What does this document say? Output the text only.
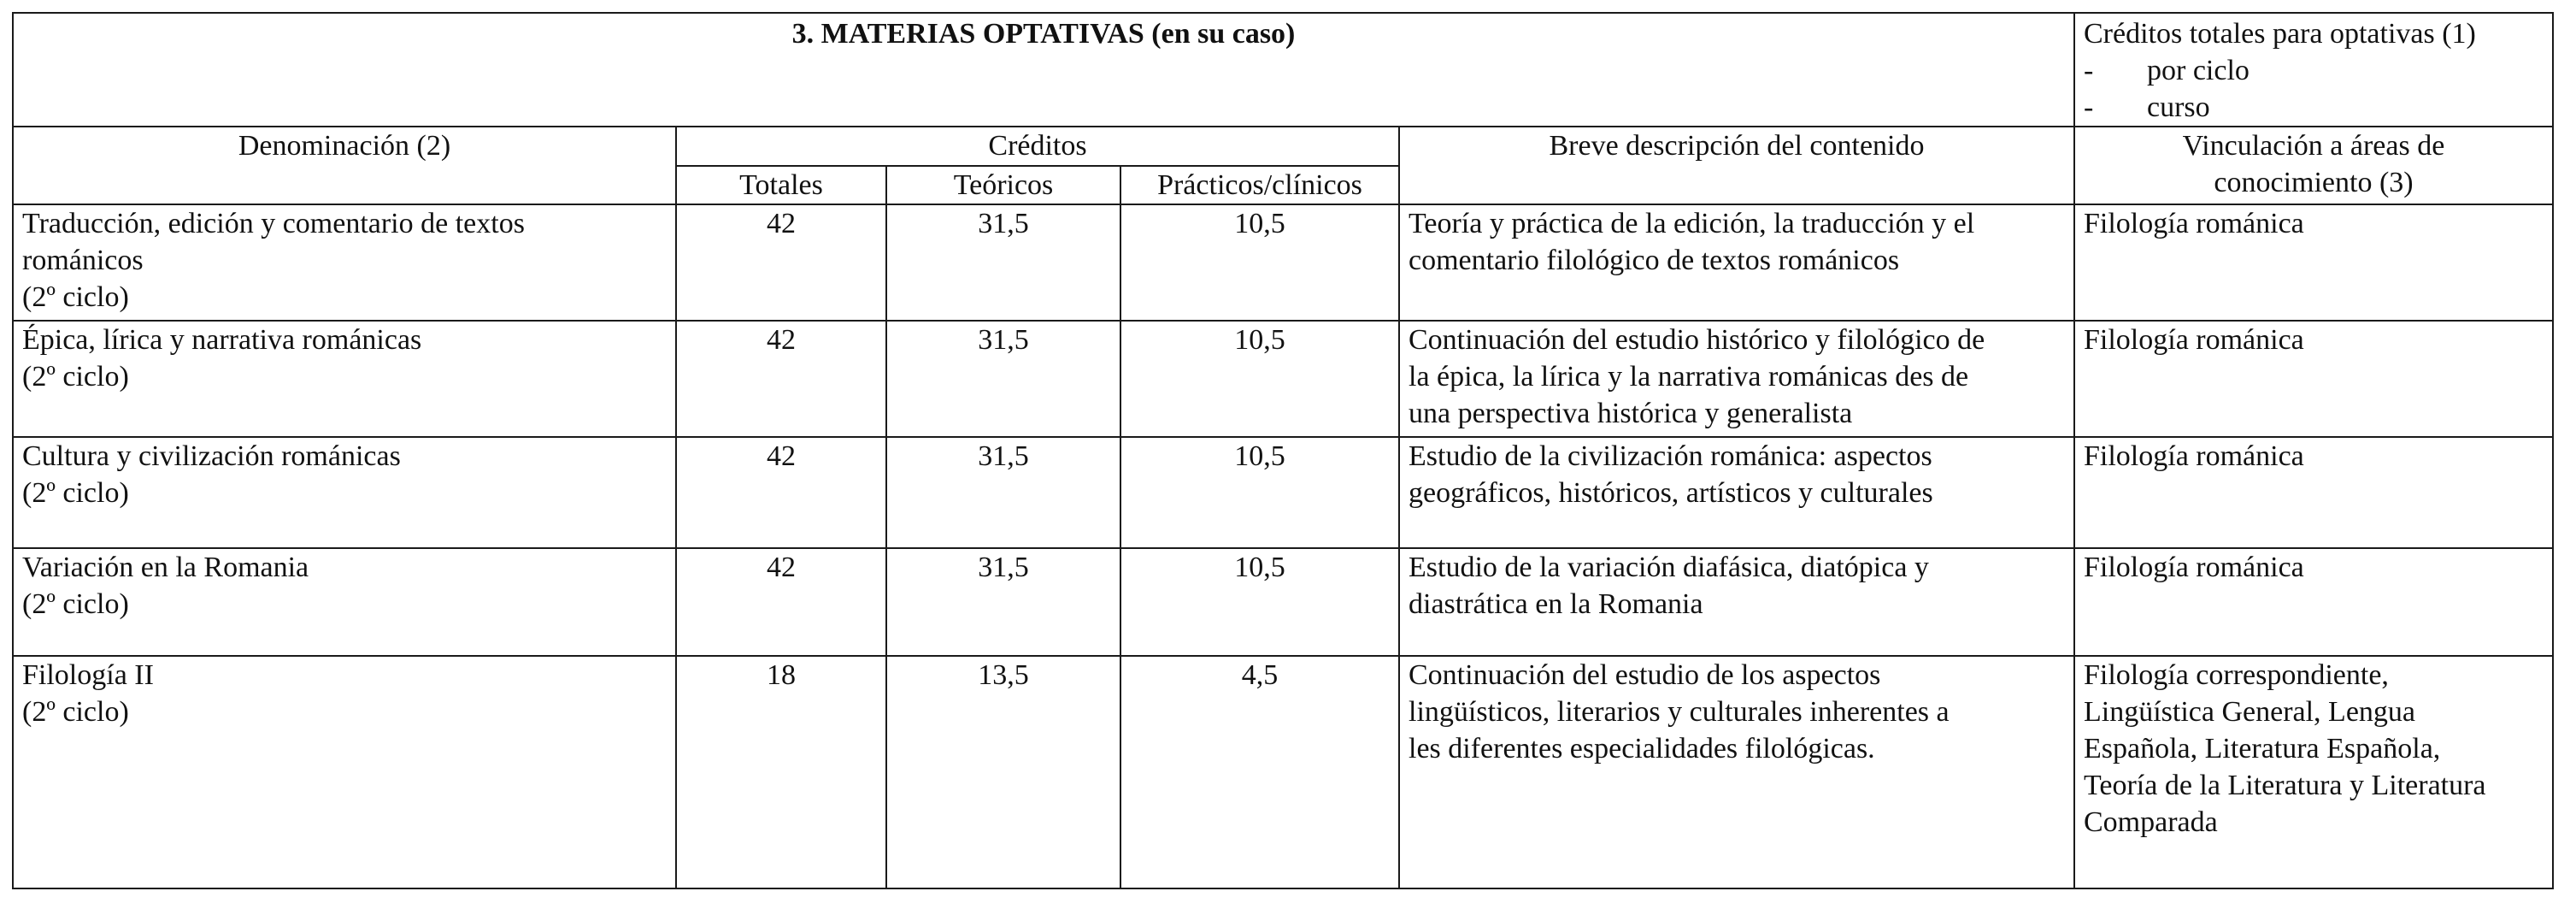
3. MATERIAS OPTATIVAS (en su caso)					Créditos totales para optativas (1)
- por ciclo
- curso

Denominación (2)	Créditos			Breve descripción del contenido	Vinculación a áreas de
conocimiento (3)

	Totales	Teóricos	Prácticos/clínicos		

Traducción, edición y comentario de textos
románicos
(2º ciclo)	42	31,5	10,5	Teoría y práctica de la edición, la traducción y el
comentario filológico de textos románicos	Filología románica

Épica, lírica y narrativa románicas
(2º ciclo)	42	31,5	10,5	Continuación del estudio histórico y filológico de
la épica, la lírica y la narrativa románicas des de
una perspectiva histórica y generalista	Filología románica

Cultura y civilización románicas
(2º ciclo)	42	31,5	10,5	Estudio de la civilización románica: aspectos
geográficos, históricos, artísticos y culturales	Filología románica

Variación en la Romania
(2º ciclo)	42	31,5	10,5	Estudio de la variación diafásica, diatópica y
diastrática en la Romania	Filología románica

Filología II
(2º ciclo)	18	13,5	4,5	Continuación del estudio de los aspectos
lingüísticos, literarios y culturales inherentes a
les diferentes especialidades filológicas.	Filología correspondiente,
Lingüística General, Lengua
Española, Literatura Española,
Teoría de la Literatura y Literatura
Comparada
